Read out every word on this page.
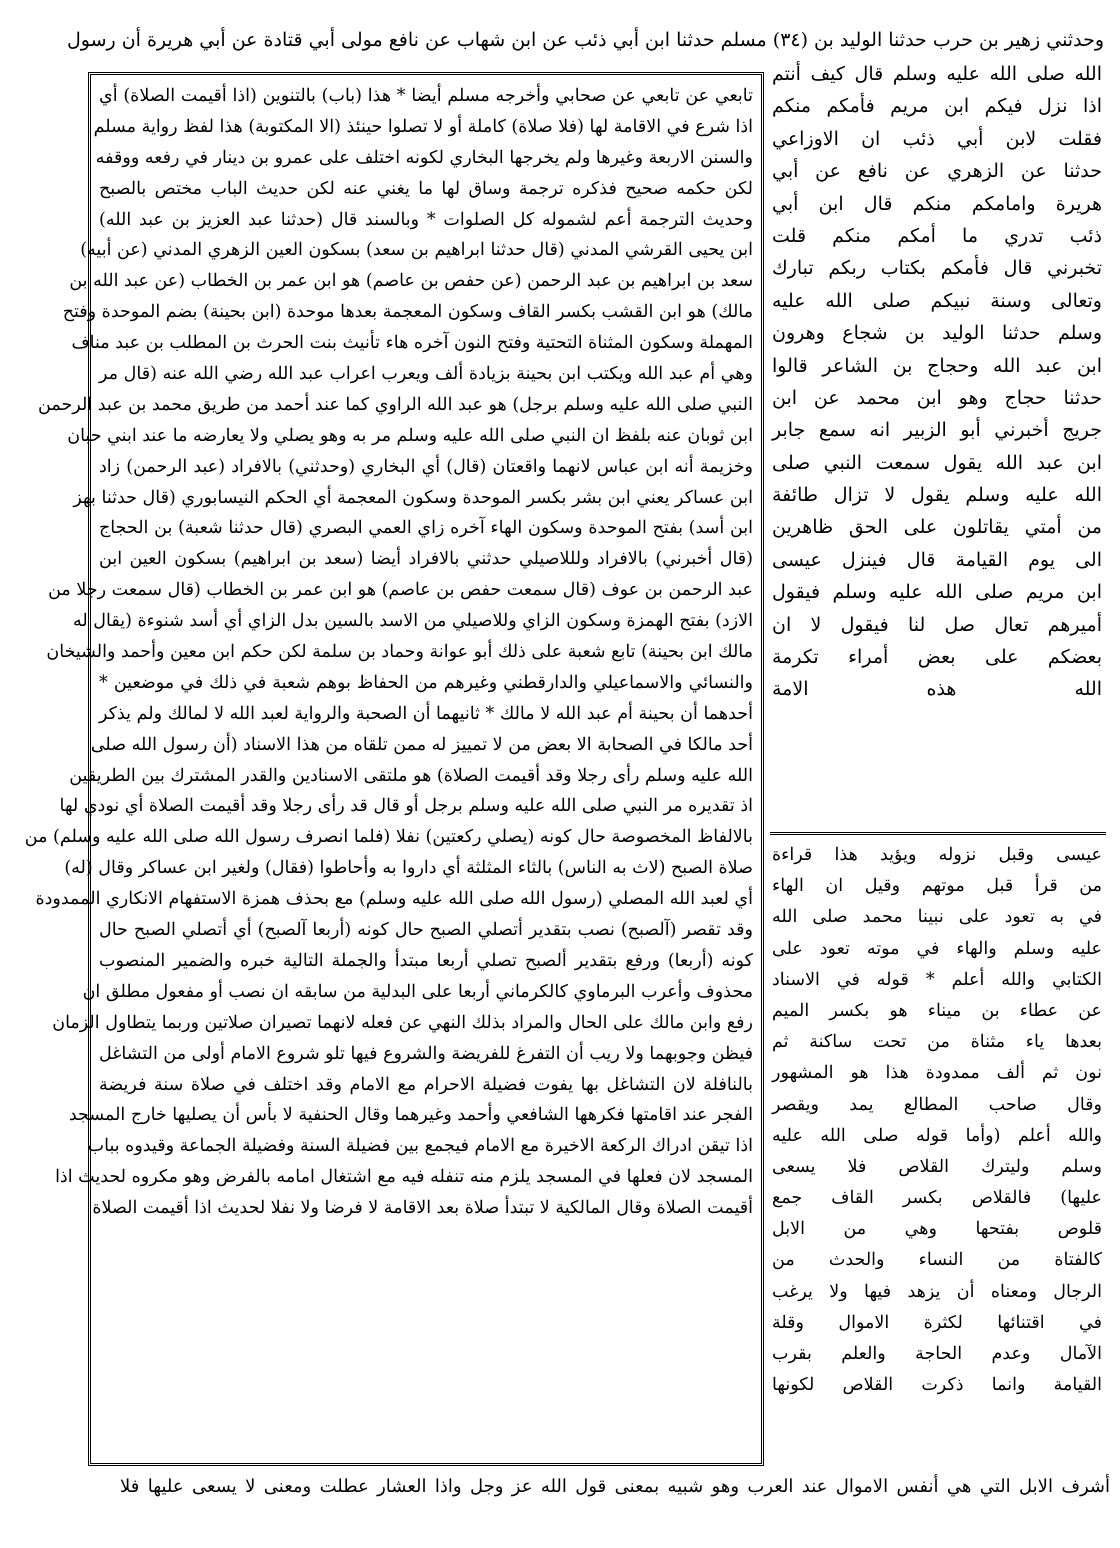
وحدثني زهير بن حرب حدثنا الوليد بن (٣٤) مسلم حدثنا ابن أبي ذئب عن ابن شهاب عن نافع مولى أبي قتادة عن أبي هريرة أن رسول
الله صلى الله عليه وسلم قال كيف أنتم
اذا نزل فيكم ابن مريم فأمكم منكم
فقلت لابن أبي ذئب ان الاوزاعي
حدثنا عن الزهري عن نافع عن أبي
هريرة وامامكم منكم قال ابن أبي
ذئب تدري ما أمكم منكم قلت
تخبرني قال فأمكم بكتاب ربكم تبارك
وتعالى وسنة نبيكم صلى الله عليه
وسلم حدثنا الوليد بن شجاع وهرون
ابن عبد الله وحجاج بن الشاعر قالوا
حدثنا حجاج وهو ابن محمد عن ابن
جريج أخبرني أبو الزبير انه سمع جابر
ابن عبد الله يقول سمعت النبي صلى
الله عليه وسلم يقول لا تزال طائفة
من أمتي يقاتلون على الحق ظاهرين
الى يوم القيامة قال فينزل عيسى
ابن مريم صلى الله عليه وسلم فيقول
أميرهم تعال صل لنا فيقول لا ان
بعضكم على بعض أمراء تكرمة
الله هذه الامة
عيسى وقبل نزوله ويؤيد هذا قراءة
من قرأ قبل موتهم وقيل ان الهاء
في به تعود على نبينا محمد صلى الله
عليه وسلم والهاء في موته تعود على
الكتابي والله أعلم * قوله في الاسناد
عن عطاء بن ميناء هو بكسر الميم
بعدها ياء مثناة من تحت ساكنة ثم
نون ثم ألف ممدودة هذا هو المشهور
وقال صاحب المطالع يمد ويقصر
والله أعلم (وأما قوله صلى الله عليه
وسلم وليترك القلاص فلا يسعى
عليها) فالقلاص بكسر القاف جمع
قلوص بفتحها وهي من الابل
كالفتاة من النساء والحدث من
الرجال ومعناه أن يزهد فيها ولا يرغب
في اقتنائها لكثرة الاموال وقلة
الآمال وعدم الحاجة والعلم بقرب
القيامة وانما ذكرت القلاص لكونها
تابعي عن تابعي عن صحابي وأخرجه مسلم أيضا * هذا (باب) بالتنوين (اذا أقيمت الصلاة) أي
اذا شرع في الاقامة لها (فلا صلاة) كاملة أو لا تصلوا حينئذ (الا المكتوبة) هذا لفظ رواية مسلم
والسنن الاربعة وغيرها ولم يخرجها البخاري لكونه اختلف على عمرو بن دينار في رفعه ووقفه
لكن حكمه صحيح فذكره ترجمة وساق لها ما يغني عنه لكن حديث الباب مختص بالصبح
وحديث الترجمة أعم لشموله كل الصلوات * وبالسند قال (حدثنا عبد العزيز بن عبد الله)
ابن يحيى القرشي المدني (قال حدثنا ابراهيم بن سعد) بسكون العين الزهري المدني (عن أبيه)
سعد بن ابراهيم بن عبد الرحمن (عن حفص بن عاصم) هو ابن عمر بن الخطاب (عن عبد الله بن
مالك) هو ابن القشب بكسر القاف وسكون المعجمة بعدها موحدة (ابن بحينة) بضم الموحدة وفتح
المهملة وسكون المثناة التحتية وفتح النون آخره هاء تأنيث بنت الحرث بن المطلب بن عبد مناف
وهي أم عبد الله ويكتب ابن بحينة بزيادة ألف ويعرب اعراب عبد الله رضي الله عنه (قال مر
النبي صلى الله عليه وسلم برجل) هو عبد الله الراوي كما عند أحمد من طريق محمد بن عبد الرحمن
ابن ثوبان عنه بلفظ ان النبي صلى الله عليه وسلم مر به وهو يصلي ولا يعارضه ما عند ابني حبان
وخزيمة أنه ابن عباس لانهما واقعتان (قال) أي البخاري (وحدثني) بالافراد (عبد الرحمن) زاد
ابن عساكر يعني ابن بشر بكسر الموحدة وسكون المعجمة أي الحكم النيسابوري (قال حدثنا بهز
ابن أسد) بفتح الموحدة وسكون الهاء آخره زاي العمي البصري (قال حدثنا شعبة) بن الحجاج
(قال أخبرني) بالافراد ولللاصيلي حدثني بالافراد أيضا (سعد بن ابراهيم) بسكون العين ابن
عبد الرحمن بن عوف (قال سمعت حفص بن عاصم) هو ابن عمر بن الخطاب (قال سمعت رجلا من
الازد) بفتح الهمزة وسكون الزاي وللاصيلي من الاسد بالسين بدل الزاي أي أسد شنوءة (يقال له
مالك ابن بحينة) تابع شعبة على ذلك أبو عوانة وحماد بن سلمة لكن حكم ابن معين وأحمد والشيخان
والنسائي والاسماعيلي والدارقطني وغيرهم من الحفاظ بوهم شعبة في ذلك في موضعين *
أحدهما أن بحينة أم عبد الله لا مالك * ثانيهما أن الصحبة والرواية لعبد الله لا لمالك ولم يذكر
أحد مالكا في الصحابة الا بعض من لا تمييز له ممن تلقاه من هذا الاسناد (أن رسول الله صلى
الله عليه وسلم رأى رجلا وقد أقيمت الصلاة) هو ملتقى الاسنادين والقدر المشترك بين الطريقين
اذ تقديره مر النبي صلى الله عليه وسلم برجل أو قال قد رأى رجلا وقد أقيمت الصلاة أي نودي لها
بالالفاظ المخصوصة حال كونه (يصلي ركعتين) نفلا (فلما انصرف رسول الله صلى الله عليه وسلم) من
صلاة الصبح (لاث به الناس) بالثاء المثلثة أي داروا به وأحاطوا (فقال) ولغير ابن عساكر وقال (له)
أي لعبد الله المصلي (رسول الله صلى الله عليه وسلم) مع بحذف همزة الاستفهام الانكاري الممدودة
وقد تقصر (آلصبح) نصب بتقدير أتصلي الصبح حال كونه (أربعا آلصبح) أي أتصلي الصبح حال
كونه (أربعا) ورفع بتقدير ألصبح تصلي أربعا مبتدأ والجملة التالية خبره والضمير المنصوب
محذوف وأعرب البرماوي كالكرماني أربعا على البدلية من سابقه ان نصب أو مفعول مطلق ان
رفع وابن مالك على الحال والمراد بذلك النهي عن فعله لانهما تصيران صلاتين وربما يتطاول الزمان
فيظن وجوبهما ولا ريب أن التفرغ للفريضة والشروع فيها تلو شروع الامام أولى من التشاغل
بالنافلة لان التشاغل بها يفوت فضيلة الاحرام مع الامام وقد اختلف في صلاة سنة فريضة
الفجر عند اقامتها فكرهها الشافعي وأحمد وغيرهما وقال الحنفية لا بأس أن يصليها خارج المسجد
اذا تيقن ادراك الركعة الاخيرة مع الامام فيجمع بين فضيلة السنة وفضيلة الجماعة وقيدوه بباب
المسجد لان فعلها في المسجد يلزم منه تنفله فيه مع اشتغال امامه بالفرض وهو مكروه لحديث اذا
أقيمت الصلاة وقال المالكية لا تبتدأ صلاة بعد الاقامة لا فرضا ولا نفلا لحديث اذا أقيمت الصلاة
أشرف الابل التي هي أنفس الاموال عند العرب وهو شبيه بمعنى قول الله عز وجل واذا العشار عطلت ومعنى لا يسعى عليها فلا
